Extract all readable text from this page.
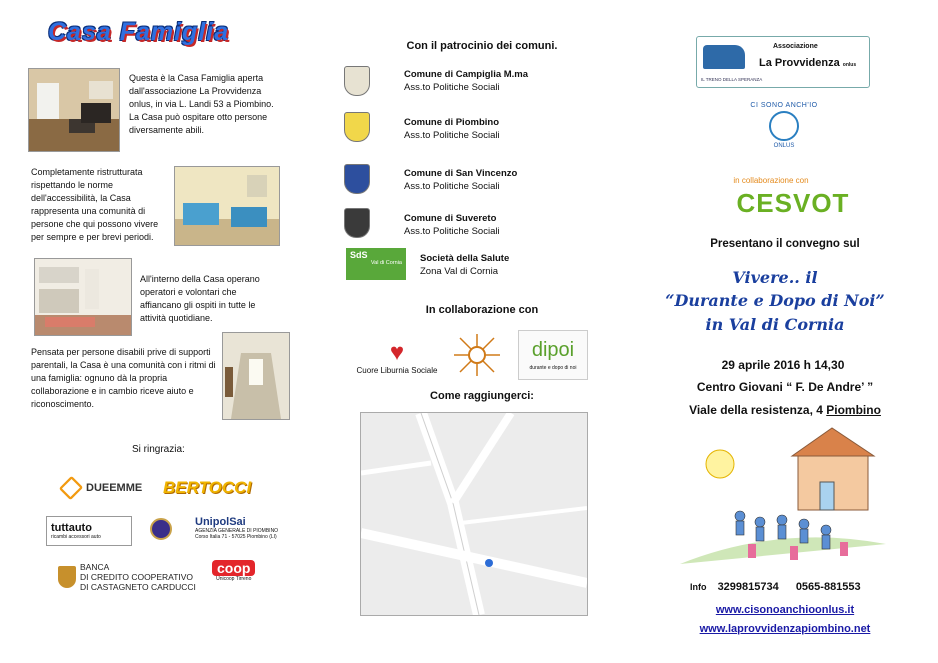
Casa Famiglia
Questa è la Casa Famiglia aperta dall'associazione La Provvidenza onlus, in via L. Landi 53 a Piombino. La Casa può ospitare otto persone diversamente abili.
Completamente ristrutturata rispettando le norme dell'accessibilità, la Casa rappresenta una comunità di persone che qui possono vivere per sempre e per brevi periodi.
All'interno della Casa operano operatori e volontari che affiancano gli ospiti in tutte le attività quotidiane.
Pensata per persone disabili prive di supporti parentali, la Casa è una comunità con i ritmi di una famiglia: ognuno dà la propria collaborazione e in cambio riceve aiuto e riconoscimento.
Si ringrazia:
DUEEMME BERTOCCI
tuttauto
ricambi accessori auto
UnipolSai
AGENZIA GENERALE DI PIOMBINO
Corso Italia 71 - 57025 Piombino (LI)
BANCA
DI CREDITO COOPERATIVO
DI CASTAGNETO CARDUCCI
coop
Unicoop Tirreno
Con il patrocinio dei comuni.
Comune di Campiglia M.ma
Ass.to Politiche Sociali
Comune di Piombino
Ass.to Politiche Sociali
Comune di San Vincenzo
Ass.to Politiche Sociali
Comune di Suvereto
Ass.to Politiche Sociali
SdS
Val di Cornia Società della Salute
Zona Val di Cornia
In collaborazione con
♥
Cuore Liburnia Sociale
dipoi
durante e dopo di noi
Come raggiungerci:
Associazione
La Provvidenza onlus
IL TRENO DELLA SPERANZA
CI SONO ANCH'IO
ONLUS
in collaborazione con
CESVOT
Presentano il convegno sul
Vivere.. il
“Durante e Dopo di Noi”
in Val di Cornia
29 aprile 2016 h 14,30
Centro Giovani “ F. De Andre’ ”
Viale della resistenza, 4 Piombino
Info 3299815734 0565-881553
www.cisonoanchioonlus.it
www.laprovvidenzapiombino.net
